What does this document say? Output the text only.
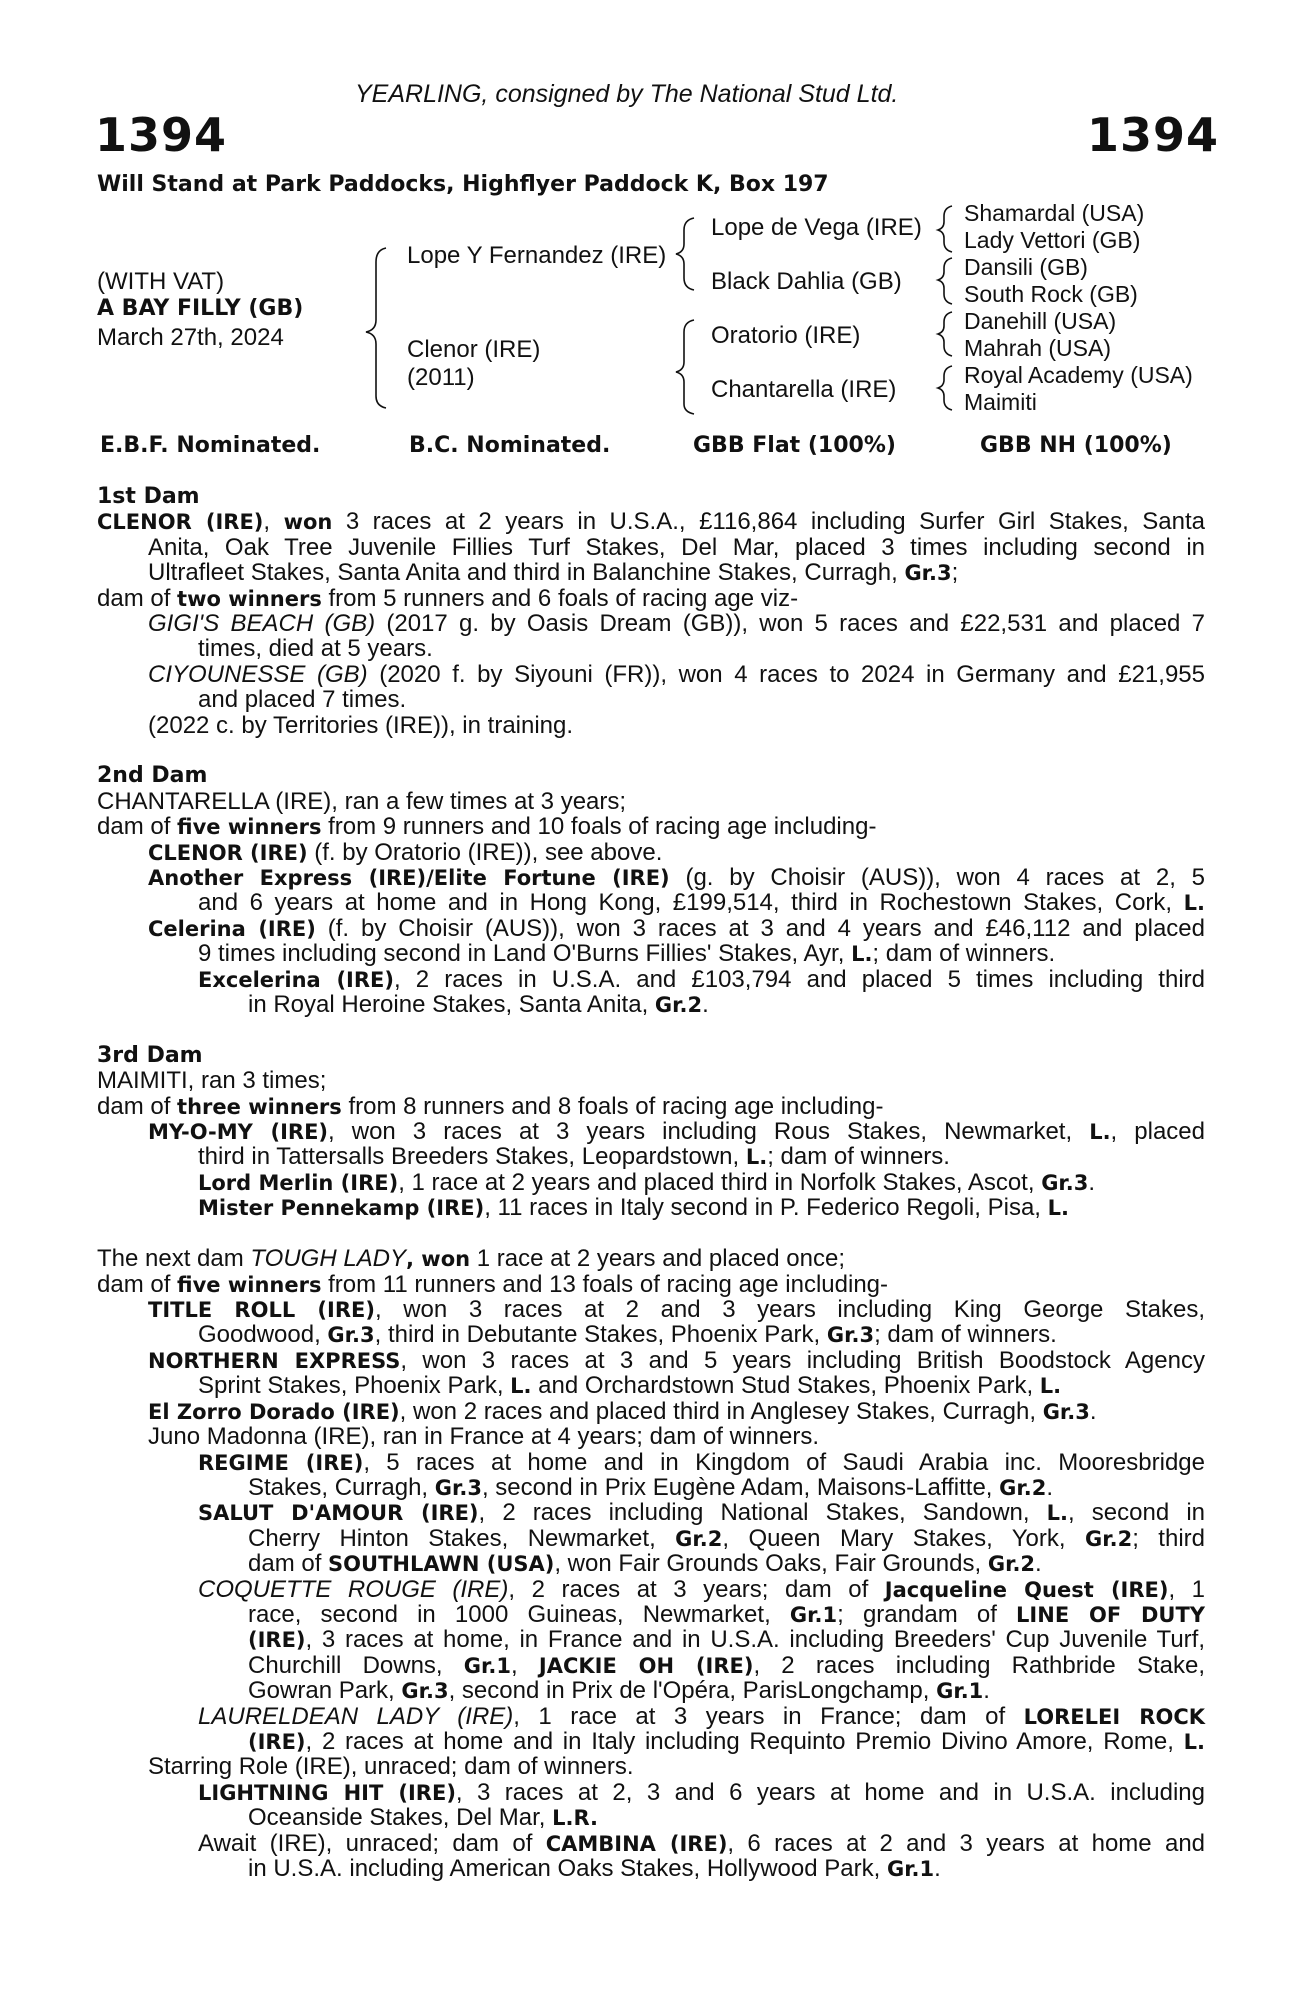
YEARLING, consigned by The National Stud Ltd.
1394	1394
Will Stand at Park Paddocks, Highflyer Paddock K, Box 197
(WITH VAT)
A BAY FILLY (GB)
March 27th, 2024
Lope Y Fernandez (IRE)
Clenor (IRE)
(2011)
Lope de Vega (IRE)
Black Dahlia (GB)
Oratorio (IRE)
Chantarella (IRE)
Shamardal (USA)
Lady Vettori (GB)
Dansili (GB)
South Rock (GB)
Danehill (USA)
Mahrah (USA)
Royal Academy (USA)
Maimiti
E.B.F. Nominated.	B.C. Nominated.	GBB Flat (100%)	GBB NH (100%)
1st Dam
CLENOR (IRE), won 3 races at 2 years in U.S.A., £116,864 including Surfer Girl Stakes, Santa
Anita, Oak Tree Juvenile Fillies Turf Stakes, Del Mar, placed 3 times including second in
Ultrafleet Stakes, Santa Anita and third in Balanchine Stakes, Curragh, Gr.3;
dam of two winners from 5 runners and 6 foals of racing age viz-
GIGI'S BEACH (GB) (2017 g. by Oasis Dream (GB)), won 5 races and £22,531 and placed 7
times, died at 5 years.
CIYOUNESSE (GB) (2020 f. by Siyouni (FR)), won 4 races to 2024 in Germany and £21,955
and placed 7 times.
(2022 c. by Territories (IRE)), in training.
2nd Dam
CHANTARELLA (IRE), ran a few times at 3 years;
dam of five winners from 9 runners and 10 foals of racing age including-
CLENOR (IRE) (f. by Oratorio (IRE)), see above.
Another Express (IRE)/Elite Fortune (IRE) (g. by Choisir (AUS)), won 4 races at 2, 5
and 6 years at home and in Hong Kong, £199,514, third in Rochestown Stakes, Cork, L.
Celerina (IRE) (f. by Choisir (AUS)), won 3 races at 3 and 4 years and £46,112 and placed
9 times including second in Land O'Burns Fillies' Stakes, Ayr, L.; dam of winners.
Excelerina (IRE), 2 races in U.S.A. and £103,794 and placed 5 times including third
in Royal Heroine Stakes, Santa Anita, Gr.2.
3rd Dam
MAIMITI, ran 3 times;
dam of three winners from 8 runners and 8 foals of racing age including-
MY-O-MY (IRE), won 3 races at 3 years including Rous Stakes, Newmarket, L., placed
third in Tattersalls Breeders Stakes, Leopardstown, L.; dam of winners.
Lord Merlin (IRE), 1 race at 2 years and placed third in Norfolk Stakes, Ascot, Gr.3.
Mister Pennekamp (IRE), 11 races in Italy second in P. Federico Regoli, Pisa, L.
The next dam TOUGH LADY, won 1 race at 2 years and placed once;
dam of five winners from 11 runners and 13 foals of racing age including-
TITLE ROLL (IRE), won 3 races at 2 and 3 years including King George Stakes,
Goodwood, Gr.3, third in Debutante Stakes, Phoenix Park, Gr.3; dam of winners.
NORTHERN EXPRESS, won 3 races at 3 and 5 years including British Boodstock Agency
Sprint Stakes, Phoenix Park, L. and Orchardstown Stud Stakes, Phoenix Park, L.
El Zorro Dorado (IRE), won 2 races and placed third in Anglesey Stakes, Curragh, Gr.3.
Juno Madonna (IRE), ran in France at 4 years; dam of winners.
REGIME (IRE), 5 races at home and in Kingdom of Saudi Arabia inc. Mooresbridge
Stakes, Curragh, Gr.3, second in Prix Eugène Adam, Maisons-Laffitte, Gr.2.
SALUT D'AMOUR (IRE), 2 races including National Stakes, Sandown, L., second in
Cherry Hinton Stakes, Newmarket, Gr.2, Queen Mary Stakes, York, Gr.2; third
dam of SOUTHLAWN (USA), won Fair Grounds Oaks, Fair Grounds, Gr.2.
COQUETTE ROUGE (IRE), 2 races at 3 years; dam of Jacqueline Quest (IRE), 1
race, second in 1000 Guineas, Newmarket, Gr.1; grandam of LINE OF DUTY
(IRE), 3 races at home, in France and in U.S.A. including Breeders' Cup Juvenile Turf,
Churchill Downs, Gr.1, JACKIE OH (IRE), 2 races including Rathbride Stake,
Gowran Park, Gr.3, second in Prix de l'Opéra, ParisLongchamp, Gr.1.
LAURELDEAN LADY (IRE), 1 race at 3 years in France; dam of LORELEI ROCK
(IRE), 2 races at home and in Italy including Requinto Premio Divino Amore, Rome, L.
Starring Role (IRE), unraced; dam of winners.
LIGHTNING HIT (IRE), 3 races at 2, 3 and 6 years at home and in U.S.A. including
Oceanside Stakes, Del Mar, L.R.
Await (IRE), unraced; dam of CAMBINA (IRE), 6 races at 2 and 3 years at home and
in U.S.A. including American Oaks Stakes, Hollywood Park, Gr.1.
